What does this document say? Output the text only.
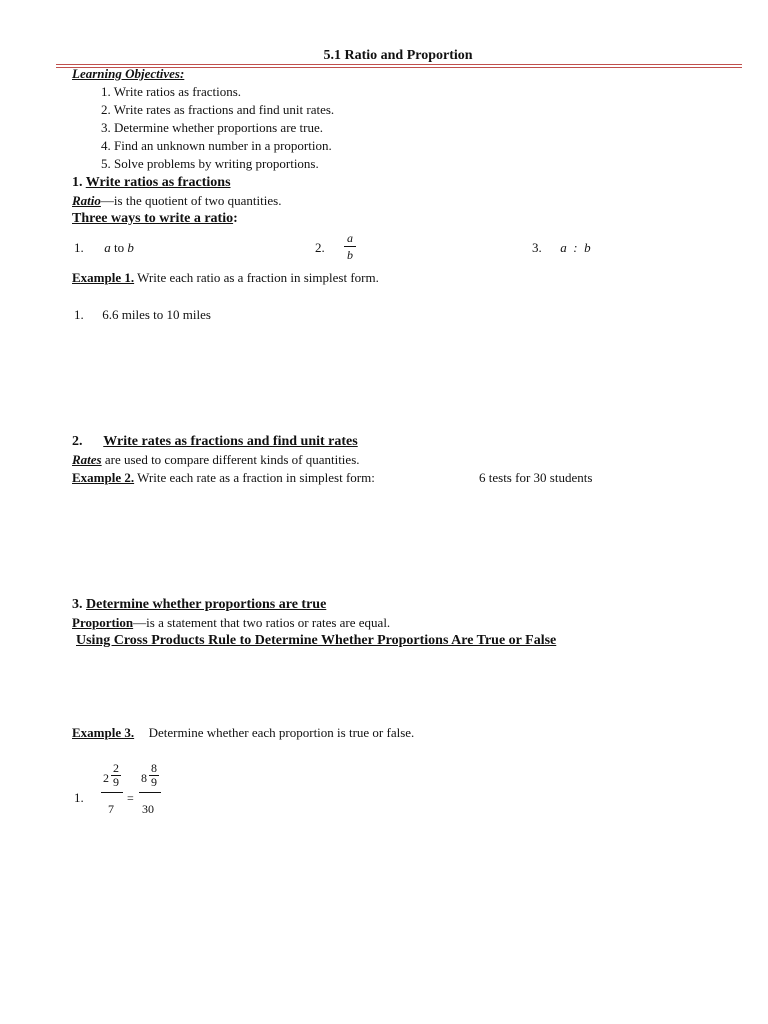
5.1 Ratio and Proportion
Learning Objectives:
1. Write ratios as fractions.
2. Write rates as fractions and find unit rates.
3. Determine whether proportions are true.
4. Find an unknown number in a proportion.
5. Solve problems by writing proportions.
1. Write ratios as fractions
Ratio—is the quotient of two quantities.
Three ways to write a ratio:
1. a to b	2.
a
b	3. a  :  b
Example 1. Write each ratio as a fraction in simplest form.
1. 6.6 miles to 10 miles
2. Write rates as fractions and find unit rates
Rates are used to compare different kinds of quantities.
Example 2. Write each rate as a fraction in simplest form:	6 tests for 30 students
3. Determine whether proportions are true
Proportion—is a statement that two ratios or rates are equal.
Using Cross Products Rule to Determine Whether Proportions Are True or False
Example 3. Determine whether each proportion is true or false.
1.
2
2
9
7
=
8
8
9
30
